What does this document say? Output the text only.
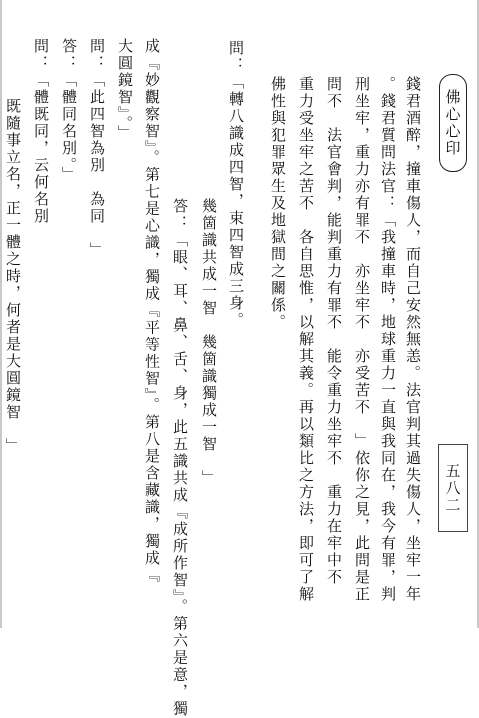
佛心心印
五八二
錢君酒醉，撞車傷人，而自己安然無恙。法官判其過失傷人，坐牢一年
。錢君質問法官：「我撞車時，地球重力一直與我同在，我今有罪，判
刑坐牢，重力亦有罪不　亦坐牢不　亦受苦不　」依你之見，此問是正
問不　法官會判，能判重力有罪不　能令重力坐牢不　重力在牢中不
重力受坐牢之苦不　各自思惟，以解其義。再以類比之方法，即可了解
佛性與犯罪眾生及地獄間之關係。
問：「轉八識成四智，束四智成三身。
幾箇識共成一智　幾箇識獨成一智　」
答：「眼、耳、鼻、舌、身，此五識共成『成所作智』。第六是意，獨
成『妙觀察智』。第七是心識，獨成『平等性智』。第八是含藏識，獨成『
大圓鏡智』。」
問：「此四智為別　為同　」
答：「體同名別。」
問：「體既同，云何名別
既隨事立名，正一體之時，何者是大圓鏡智　」
